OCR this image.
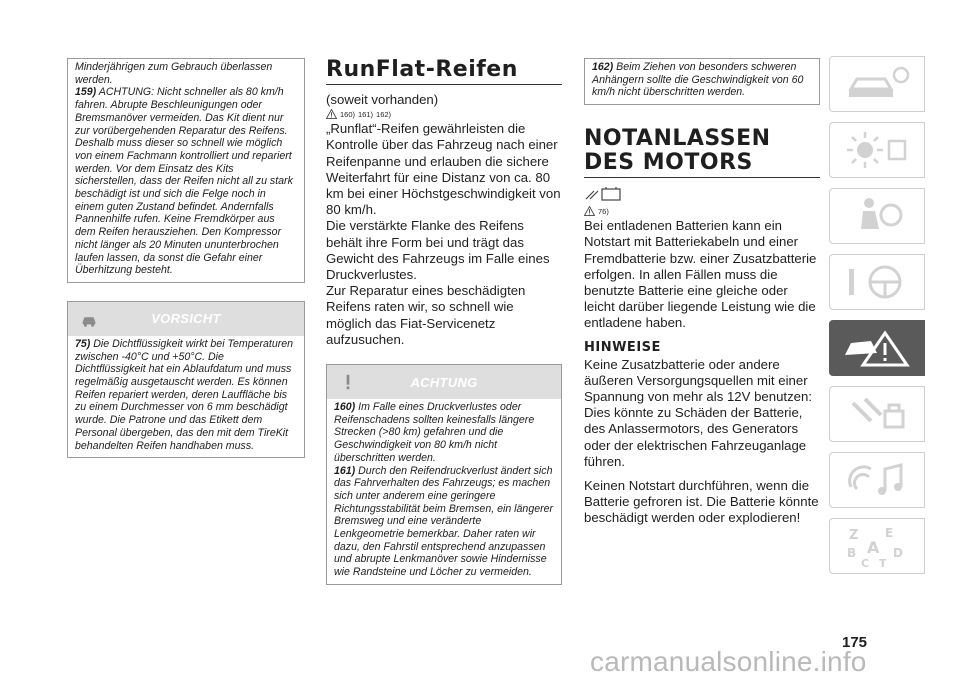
Minderjährigen zum Gebrauch überlassen werden.

159) ACHTUNG: Nicht schneller als 80 km/h fahren. Abrupte Beschleunigungen oder Bremsmanöver vermeiden. Das Kit dient nur zur vorübergehenden Reparatur des Reifens. Deshalb muss dieser so schnell wie möglich von einem Fachmann kontrolliert und repariert werden. Vor dem Einsatz des Kits sicherstellen, dass der Reifen nicht all zu stark beschädigt ist und sich die Felge noch in einem guten Zustand befindet. Andernfalls Pannenhilfe rufen. Keine Fremdkörper aus dem Reifen herausziehen. Den Kompressor nicht länger als 20 Minuten ununterbrochen laufen lassen, da sonst die Gefahr einer Überhitzung besteht.

VORSICHT

75) Die Dichtflüssigkeit wirkt bei Temperaturen zwischen -40°C und +50°C. Die Dichtflüssigkeit hat ein Ablaufdatum und muss regelmäßig ausgetauscht werden. Es können Reifen repariert werden, deren Lauffläche bis zu einem Durchmesser von 6 mm beschädigt wurde. Die Patrone und das Etikett dem Personal übergeben, das den mit dem TireKit behandelten Reifen handhaben muss.

RunFlat-Reifen

(soweit vorhanden)

160) 161) 162)

„Runflat“-Reifen gewährleisten die Kontrolle über das Fahrzeug nach einer Reifenpanne und erlauben die sichere Weiterfahrt für eine Distanz von ca. 80 km bei einer Höchstgeschwindigkeit von 80 km/h.

Die verstärkte Flanke des Reifens behält ihre Form bei und trägt das Gewicht des Fahrzeugs im Falle eines Druckverlustes.

Zur Reparatur eines beschädigten Reifens raten wir, so schnell wie möglich das Fiat-Servicenetz aufzusuchen.

ACHTUNG

160) Im Falle eines Druckverlustes oder Reifenschadens sollten keinesfalls längere Strecken (>80 km) gefahren und die Geschwindigkeit von 80 km/h nicht überschritten werden.

161) Durch den Reifendruckverlust ändert sich das Fahrverhalten des Fahrzeugs; es machen sich unter anderem eine geringere Richtungsstabilität beim Bremsen, ein längerer Bremsweg und eine veränderte Lenkgeometrie bemerkbar. Daher raten wir dazu, den Fahrstil entsprechend anzupassen und abrupte Lenkmanöver sowie Hindernisse wie Randsteine und Löcher zu vermeiden.

162) Beim Ziehen von besonders schweren Anhängern sollte die Geschwindigkeit von 60 km/h nicht überschritten werden.

NOTANLASSEN DES MOTORS
76)

Bei entladenen Batterien kann ein Notstart mit Batteriekabeln und einer Fremdbatterie bzw. einer Zusatzbatterie erfolgen. In allen Fällen muss die benutzte Batterie eine gleiche oder leicht darüber liegende Leistung wie die entladene haben.

HINWEISE

Keine Zusatzbatterie oder andere äußeren Versorgungsquellen mit einer Spannung von mehr als 12V benutzen: Dies könnte zu Schäden der Batterie, des Anlassermotors, des Generators oder der elektrischen Fahrzeuganlage führen.

Keinen Notstart durchführen, wenn die Batterie gefroren ist. Die Batterie könnte beschädigt werden oder explodieren!

Z E
A
B	D
C T
175
carmanualsonline.info
